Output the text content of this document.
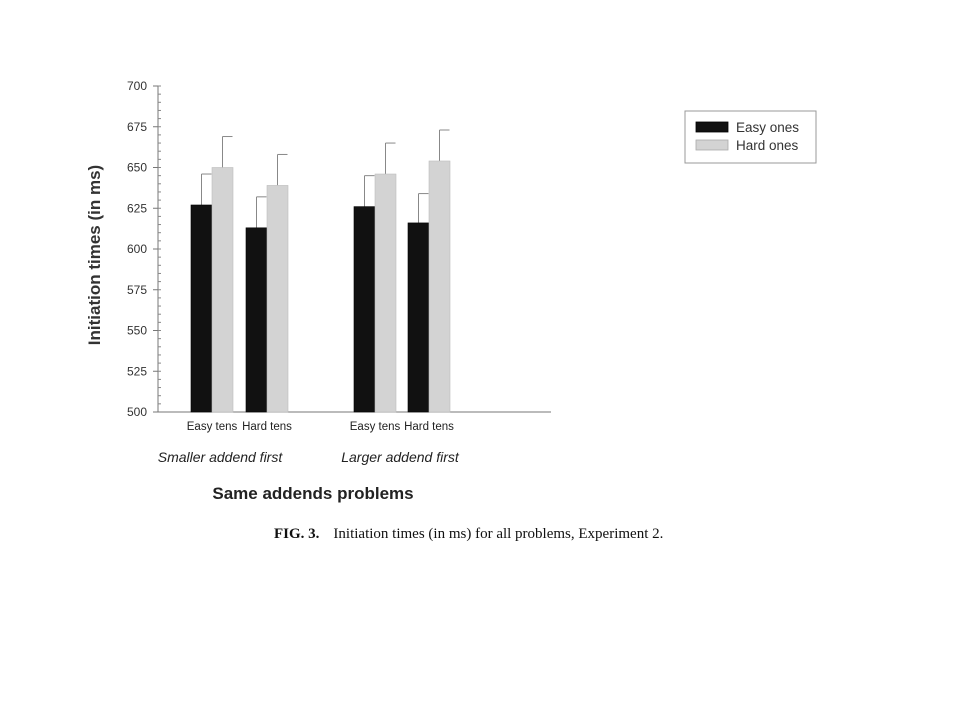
500
525
550
575
600
625
650
675
700
Easy tens Hard tens	Easy tens Hard tens
Smaller addend first	Larger addend first
Initiation times (in ms)
Same addends problems
Easy ones
Hard ones
FIG. 3. Initiation times (in ms) for all problems, Experiment 2.
